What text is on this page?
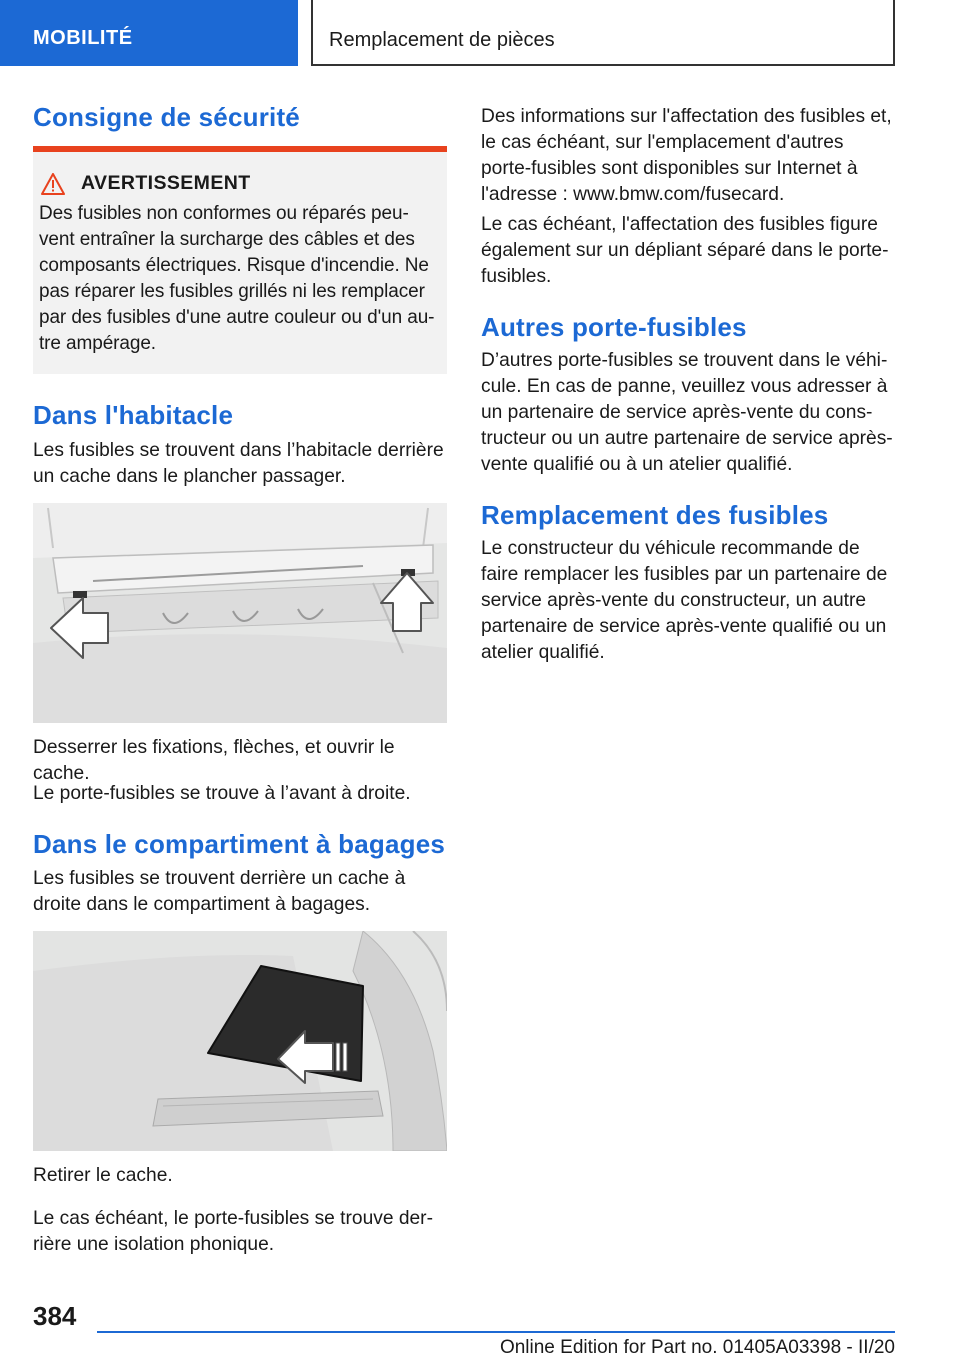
MOBILITÉ	Remplacement de pièces
Consigne de sécurité
AVERTISSEMENT

Des fusibles non conformes ou réparés peu-

vent entraîner la surcharge des câbles et des

composants électriques. Risque d'incendie. Ne

pas réparer les fusibles grillés ni les remplacer

par des fusibles d'une autre couleur ou d'un au-

tre ampérage.

Dans l'habitacle

Les fusibles se trouvent dans l’habitacle derrière

un cache dans le plancher passager.

Desserrer les fixations, flèches, et ouvrir le cache.

Le porte-fusibles se trouve à l’avant à droite.

Dans le compartiment à bagages

Les fusibles se trouvent derrière un cache à

droite dans le compartiment à bagages.

Retirer le cache.

Le cas échéant, le porte-fusibles se trouve der-

rière une isolation phonique.

Des informations sur l'affectation des fusibles et,

le cas échéant, sur l'emplacement d'autres

porte-fusibles sont disponibles sur Internet à

l'adresse : www.bmw.com/fusecard.

Le cas échéant, l'affectation des fusibles figure

également sur un dépliant séparé dans le porte-

fusibles.

Autres porte-fusibles

D’autres porte-fusibles se trouvent dans le véhi-

cule. En cas de panne, veuillez vous adresser à

un partenaire de service après-vente du cons-

tructeur ou un autre partenaire de service après-

vente qualifié ou à un atelier qualifié.

Remplacement des fusibles

Le constructeur du véhicule recommande de

faire remplacer les fusibles par un partenaire de

service après-vente du constructeur, un autre

partenaire de service après-vente qualifié ou un

atelier qualifié.

384
Online Edition for Part no. 01405A03398 - II/20
